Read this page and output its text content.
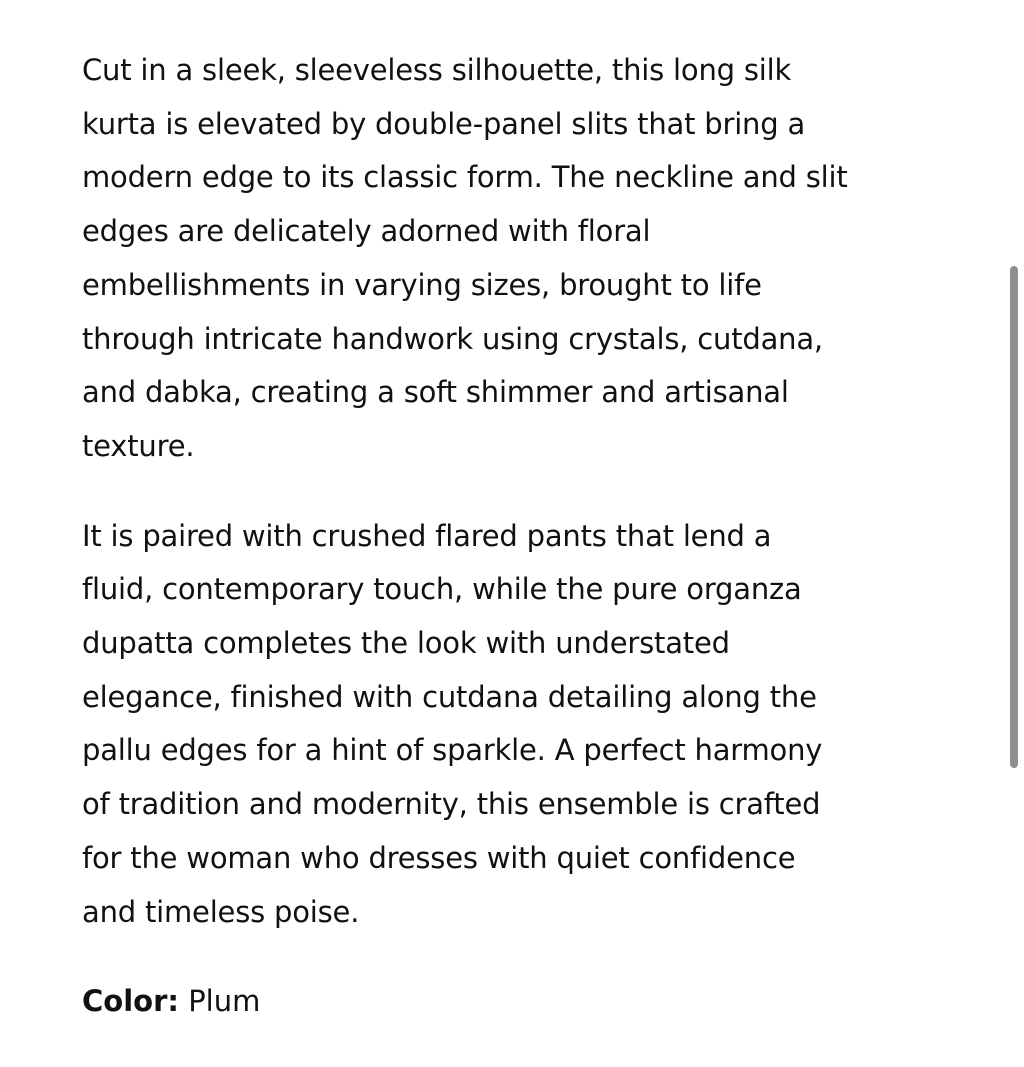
Cut in a sleek, sleeveless silhouette, this long silk
kurta is elevated by double-panel slits that bring a
modern edge to its classic form. The neckline and slit
edges are delicately adorned with floral
embellishments in varying sizes, brought to life
through intricate handwork using crystals, cutdana,
and dabka, creating a soft shimmer and artisanal
texture.
It is paired with crushed flared pants that lend a
fluid, contemporary touch, while the pure organza
dupatta completes the look with understated
elegance, finished with cutdana detailing along the
pallu edges for a hint of sparkle. A perfect harmony
of tradition and modernity, this ensemble is crafted
for the woman who dresses with quiet confidence
and timeless poise.
Color: Plum
